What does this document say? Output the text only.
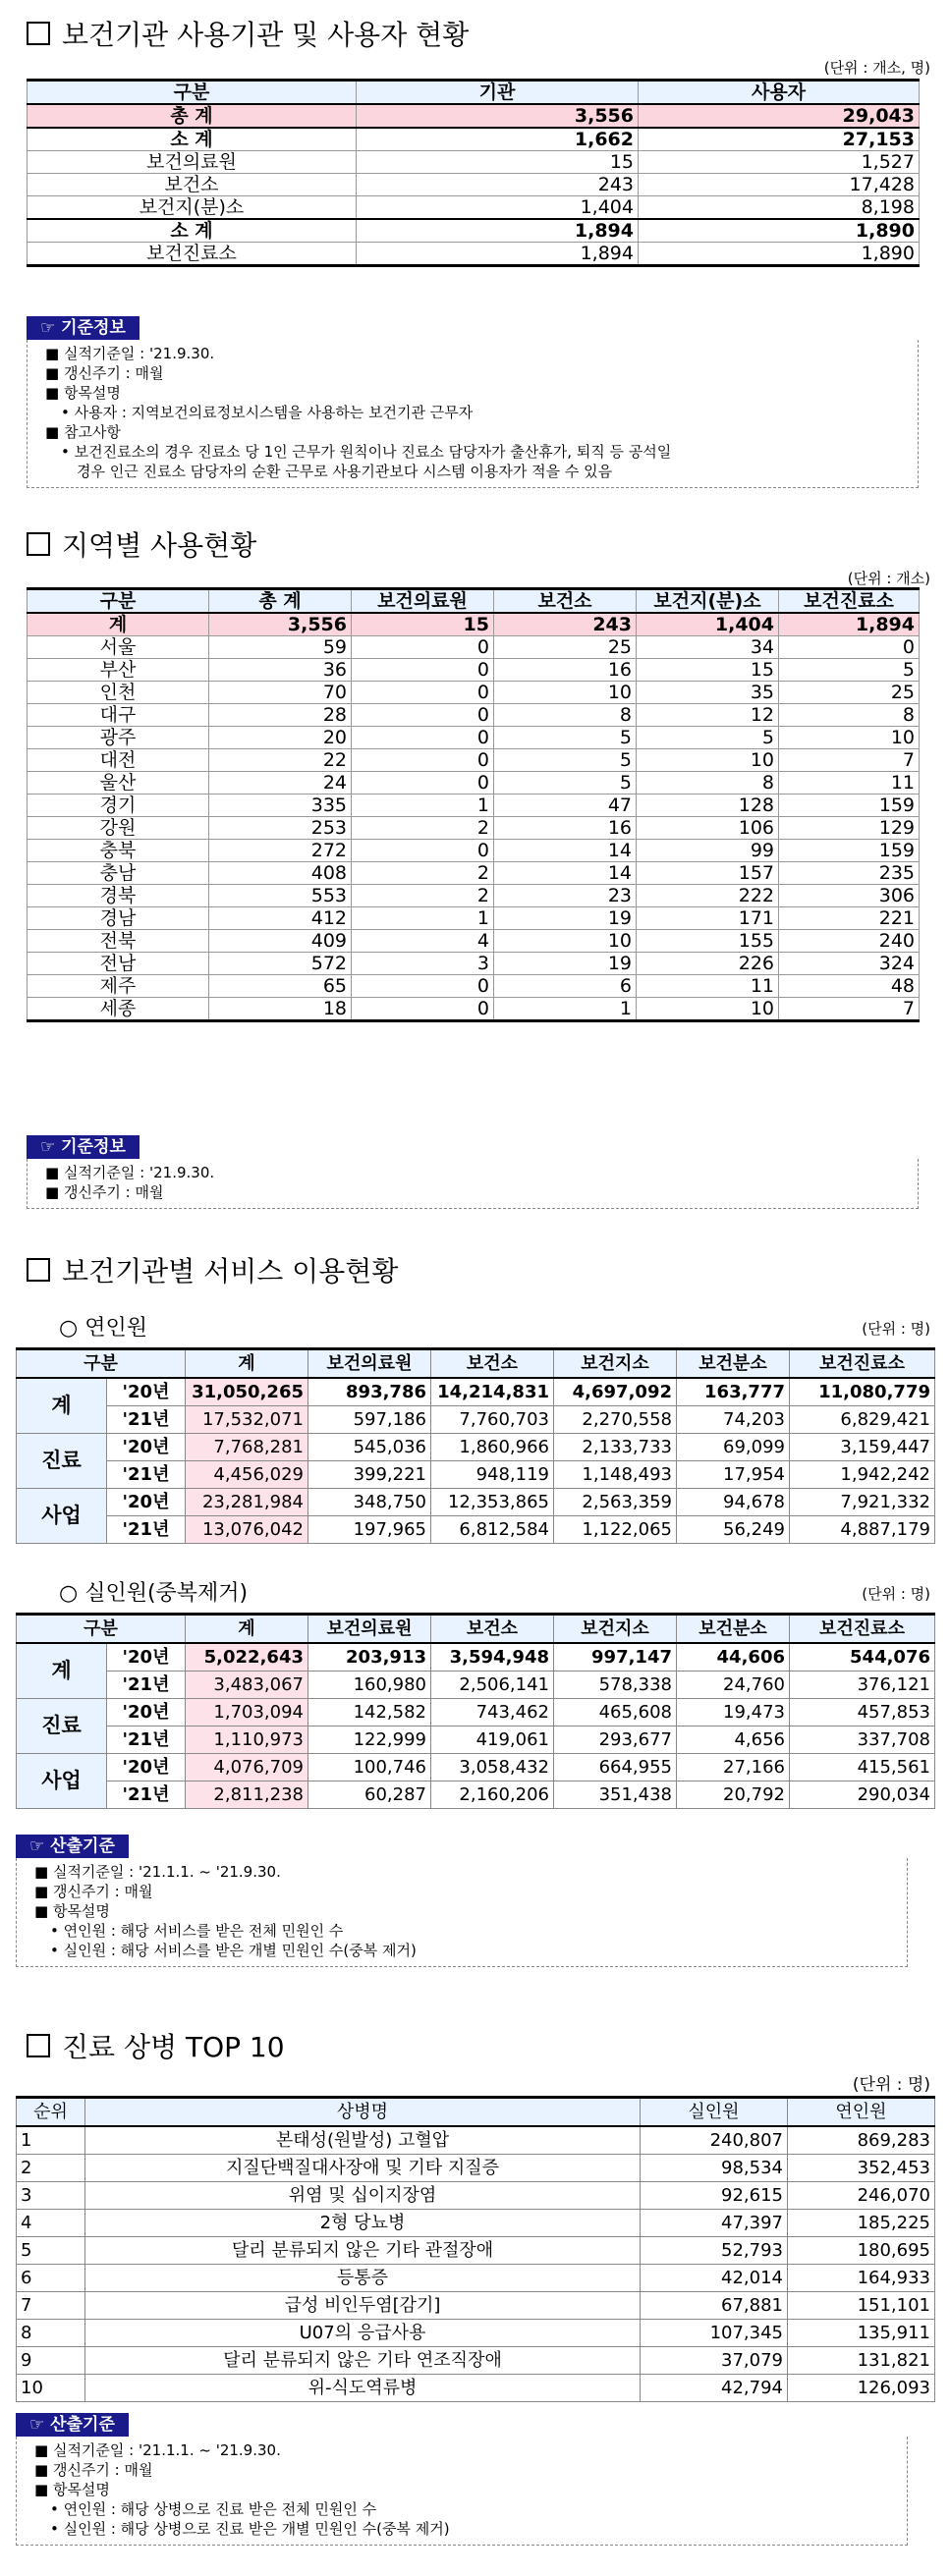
보건기관 사용기관 및 사용자 현황
(단위 : 개소, 명)
구분	기관	사용자
총 계	3,556	29,043
소 계	1,662	27,153
보건의료원	15	1,527
보건소	243	17,428
보건지(분)소	1,404	8,198
소 계	1,894	1,890
보건진료소	1,894	1,890
☞ 기준정보
■ 실적기준일 : '21.9.30.
■ 갱신주기 : 매월
■ 항목설명
• 사용자 : 지역보건의료정보시스템을 사용하는 보건기관 근무자
■ 참고사항
• 보건진료소의 경우 진료소 당 1인 근무가 원칙이나 진료소 담당자가 출산휴가, 퇴직 등 공석일
경우 인근 진료소 담당자의 순환 근무로 사용기관보다 시스템 이용자가 적을 수 있음
지역별 사용현황
(단위 : 개소)
구분	총 계	보건의료원	보건소	보건지(분)소	보건진료소
계	3,556	15	243	1,404	1,894
서울	59	0	25	34	0
부산	36	0	16	15	5
인천	70	0	10	35	25
대구	28	0	8	12	8
광주	20	0	5	5	10
대전	22	0	5	10	7
울산	24	0	5	8	11
경기	335	1	47	128	159
강원	253	2	16	106	129
충북	272	0	14	99	159
충남	408	2	14	157	235
경북	553	2	23	222	306
경남	412	1	19	171	221
전북	409	4	10	155	240
전남	572	3	19	226	324
제주	65	0	6	11	48
세종	18	0	1	10	7
☞ 기준정보
■ 실적기준일 : '21.9.30.
■ 갱신주기 : 매월
보건기관별 서비스 이용현황
○ 연인원	(단위 : 명)
구분		계	보건의료원	보건소	보건지소	보건분소	보건진료소
계	'20년	31,050,265	893,786	14,214,831	4,697,092	163,777	11,080,779
	'21년	17,532,071	597,186	7,760,703	2,270,558	74,203	6,829,421
진료	'20년	7,768,281	545,036	1,860,966	2,133,733	69,099	3,159,447
	'21년	4,456,029	399,221	948,119	1,148,493	17,954	1,942,242
사업	'20년	23,281,984	348,750	12,353,865	2,563,359	94,678	7,921,332
	'21년	13,076,042	197,965	6,812,584	1,122,065	56,249	4,887,179
○ 실인원(중복제거)	(단위 : 명)
구분		계	보건의료원	보건소	보건지소	보건분소	보건진료소
계	'20년	5,022,643	203,913	3,594,948	997,147	44,606	544,076
	'21년	3,483,067	160,980	2,506,141	578,338	24,760	376,121
진료	'20년	1,703,094	142,582	743,462	465,608	19,473	457,853
	'21년	1,110,973	122,999	419,061	293,677	4,656	337,708
사업	'20년	4,076,709	100,746	3,058,432	664,955	27,166	415,561
	'21년	2,811,238	60,287	2,160,206	351,438	20,792	290,034
☞ 산출기준
■ 실적기준일 : '21.1.1. ~ '21.9.30.
■ 갱신주기 : 매월
■ 항목설명
• 연인원 : 해당 서비스를 받은 전체 민원인 수
• 실인원 : 해당 서비스를 받은 개별 민원인 수(중복 제거)
진료 상병 TOP 10
(단위 : 명)
순위	상병명	실인원	연인원
1	본태성(원발성) 고혈압	240,807	869,283
2	지질단백질대사장애 및 기타 지질증	98,534	352,453
3	위염 및 십이지장염	92,615	246,070
4	2형 당뇨병	47,397	185,225
5	달리 분류되지 않은 기타 관절장애	52,793	180,695
6	등통증	42,014	164,933
7	급성 비인두염[감기]	67,881	151,101
8	U07의 응급사용	107,345	135,911
9	달리 분류되지 않은 기타 연조직장애	37,079	131,821
10	위-식도역류병	42,794	126,093
☞ 산출기준
■ 실적기준일 : '21.1.1. ~ '21.9.30.
■ 갱신주기 : 매월
■ 항목설명
• 연인원 : 해당 상병으로 진료 받은 전체 민원인 수
• 실인원 : 해당 상병으로 진료 받은 개별 민원인 수(중복 제거)
